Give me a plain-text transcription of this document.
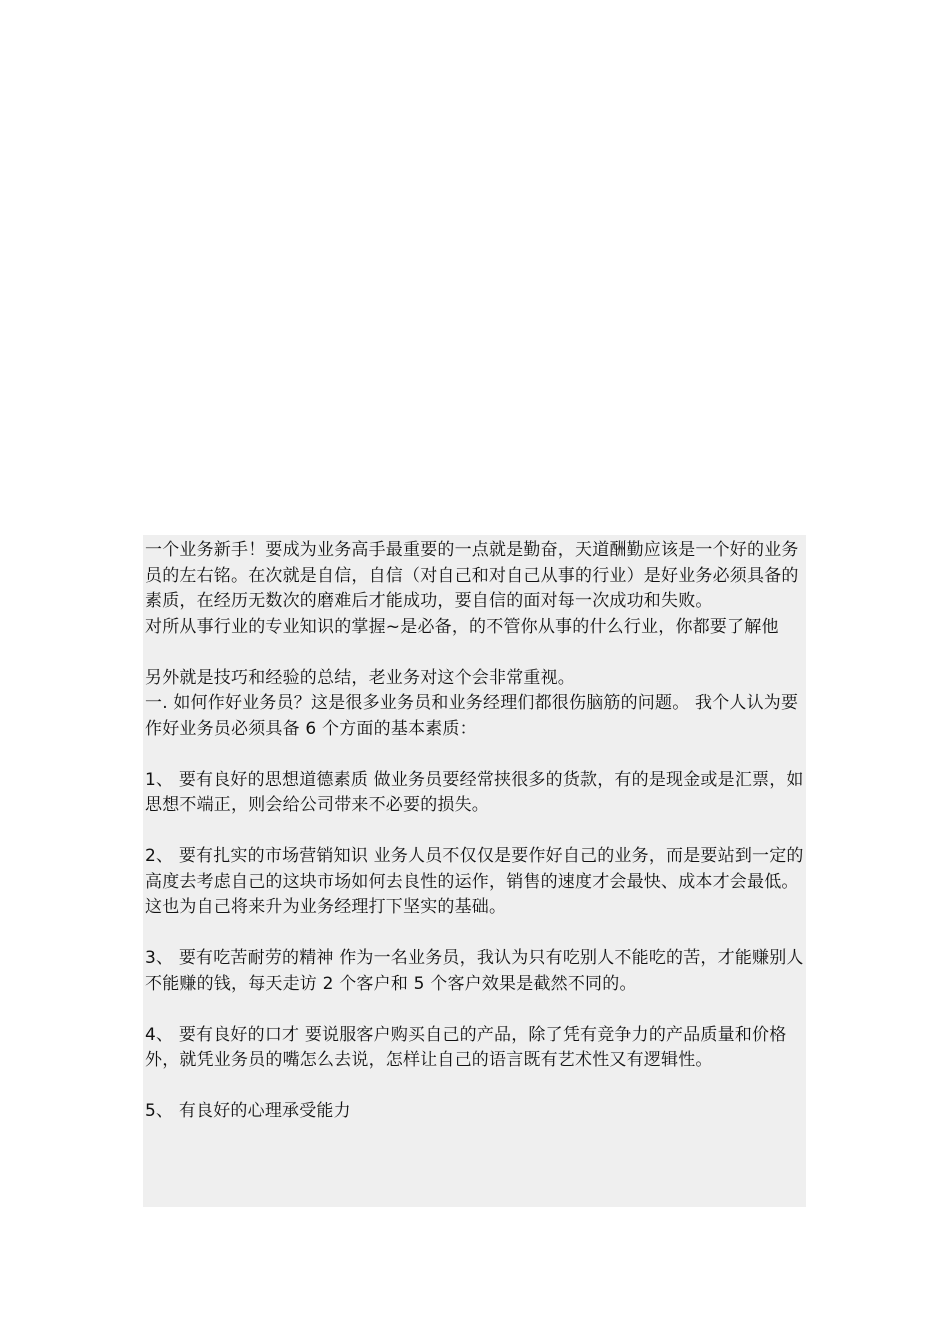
一个业务新手！要成为业务高手最重要的一点就是勤奋，天道酬勤应该是一个好的业务员的左右铭。在次就是自信，自信（对自己和对自己从事的行业）是好业务必须具备的素质，在经历无数次的磨难后才能成功，要自信的面对每一次成功和失败。

对所从事行业的专业知识的掌握~是必备，的不管你从事的什么行业，你都要了解他

另外就是技巧和经验的总结，老业务对这个会非常重视。

一. 如何作好业务员？这是很多业务员和业务经理们都很伤脑筋的问题。 我个人认为要作好业务员必须具备 6 个方面的基本素质：

1、 要有良好的思想道德素质 做业务员要经常挟很多的货款，有的是现金或是汇票，如思想不端正，则会给公司带来不必要的损失。

2、 要有扎实的市场营销知识 业务人员不仅仅是要作好自己的业务，而是要站到一定的高度去考虑自己的这块市场如何去良性的运作，销售的速度才会最快、成本才会最低。这也为自己将来升为业务经理打下坚实的基础。

3、 要有吃苦耐劳的精神 作为一名业务员，我认为只有吃别人不能吃的苦，才能赚别人不能赚的钱，每天走访 2 个客户和 5 个客户效果是截然不同的。

4、 要有良好的口才 要说服客户购买自己的产品，除了凭有竞争力的产品质量和价格外，就凭业务员的嘴怎么去说，怎样让自己的语言既有艺术性又有逻辑性。

5、 有良好的心理承受能力
